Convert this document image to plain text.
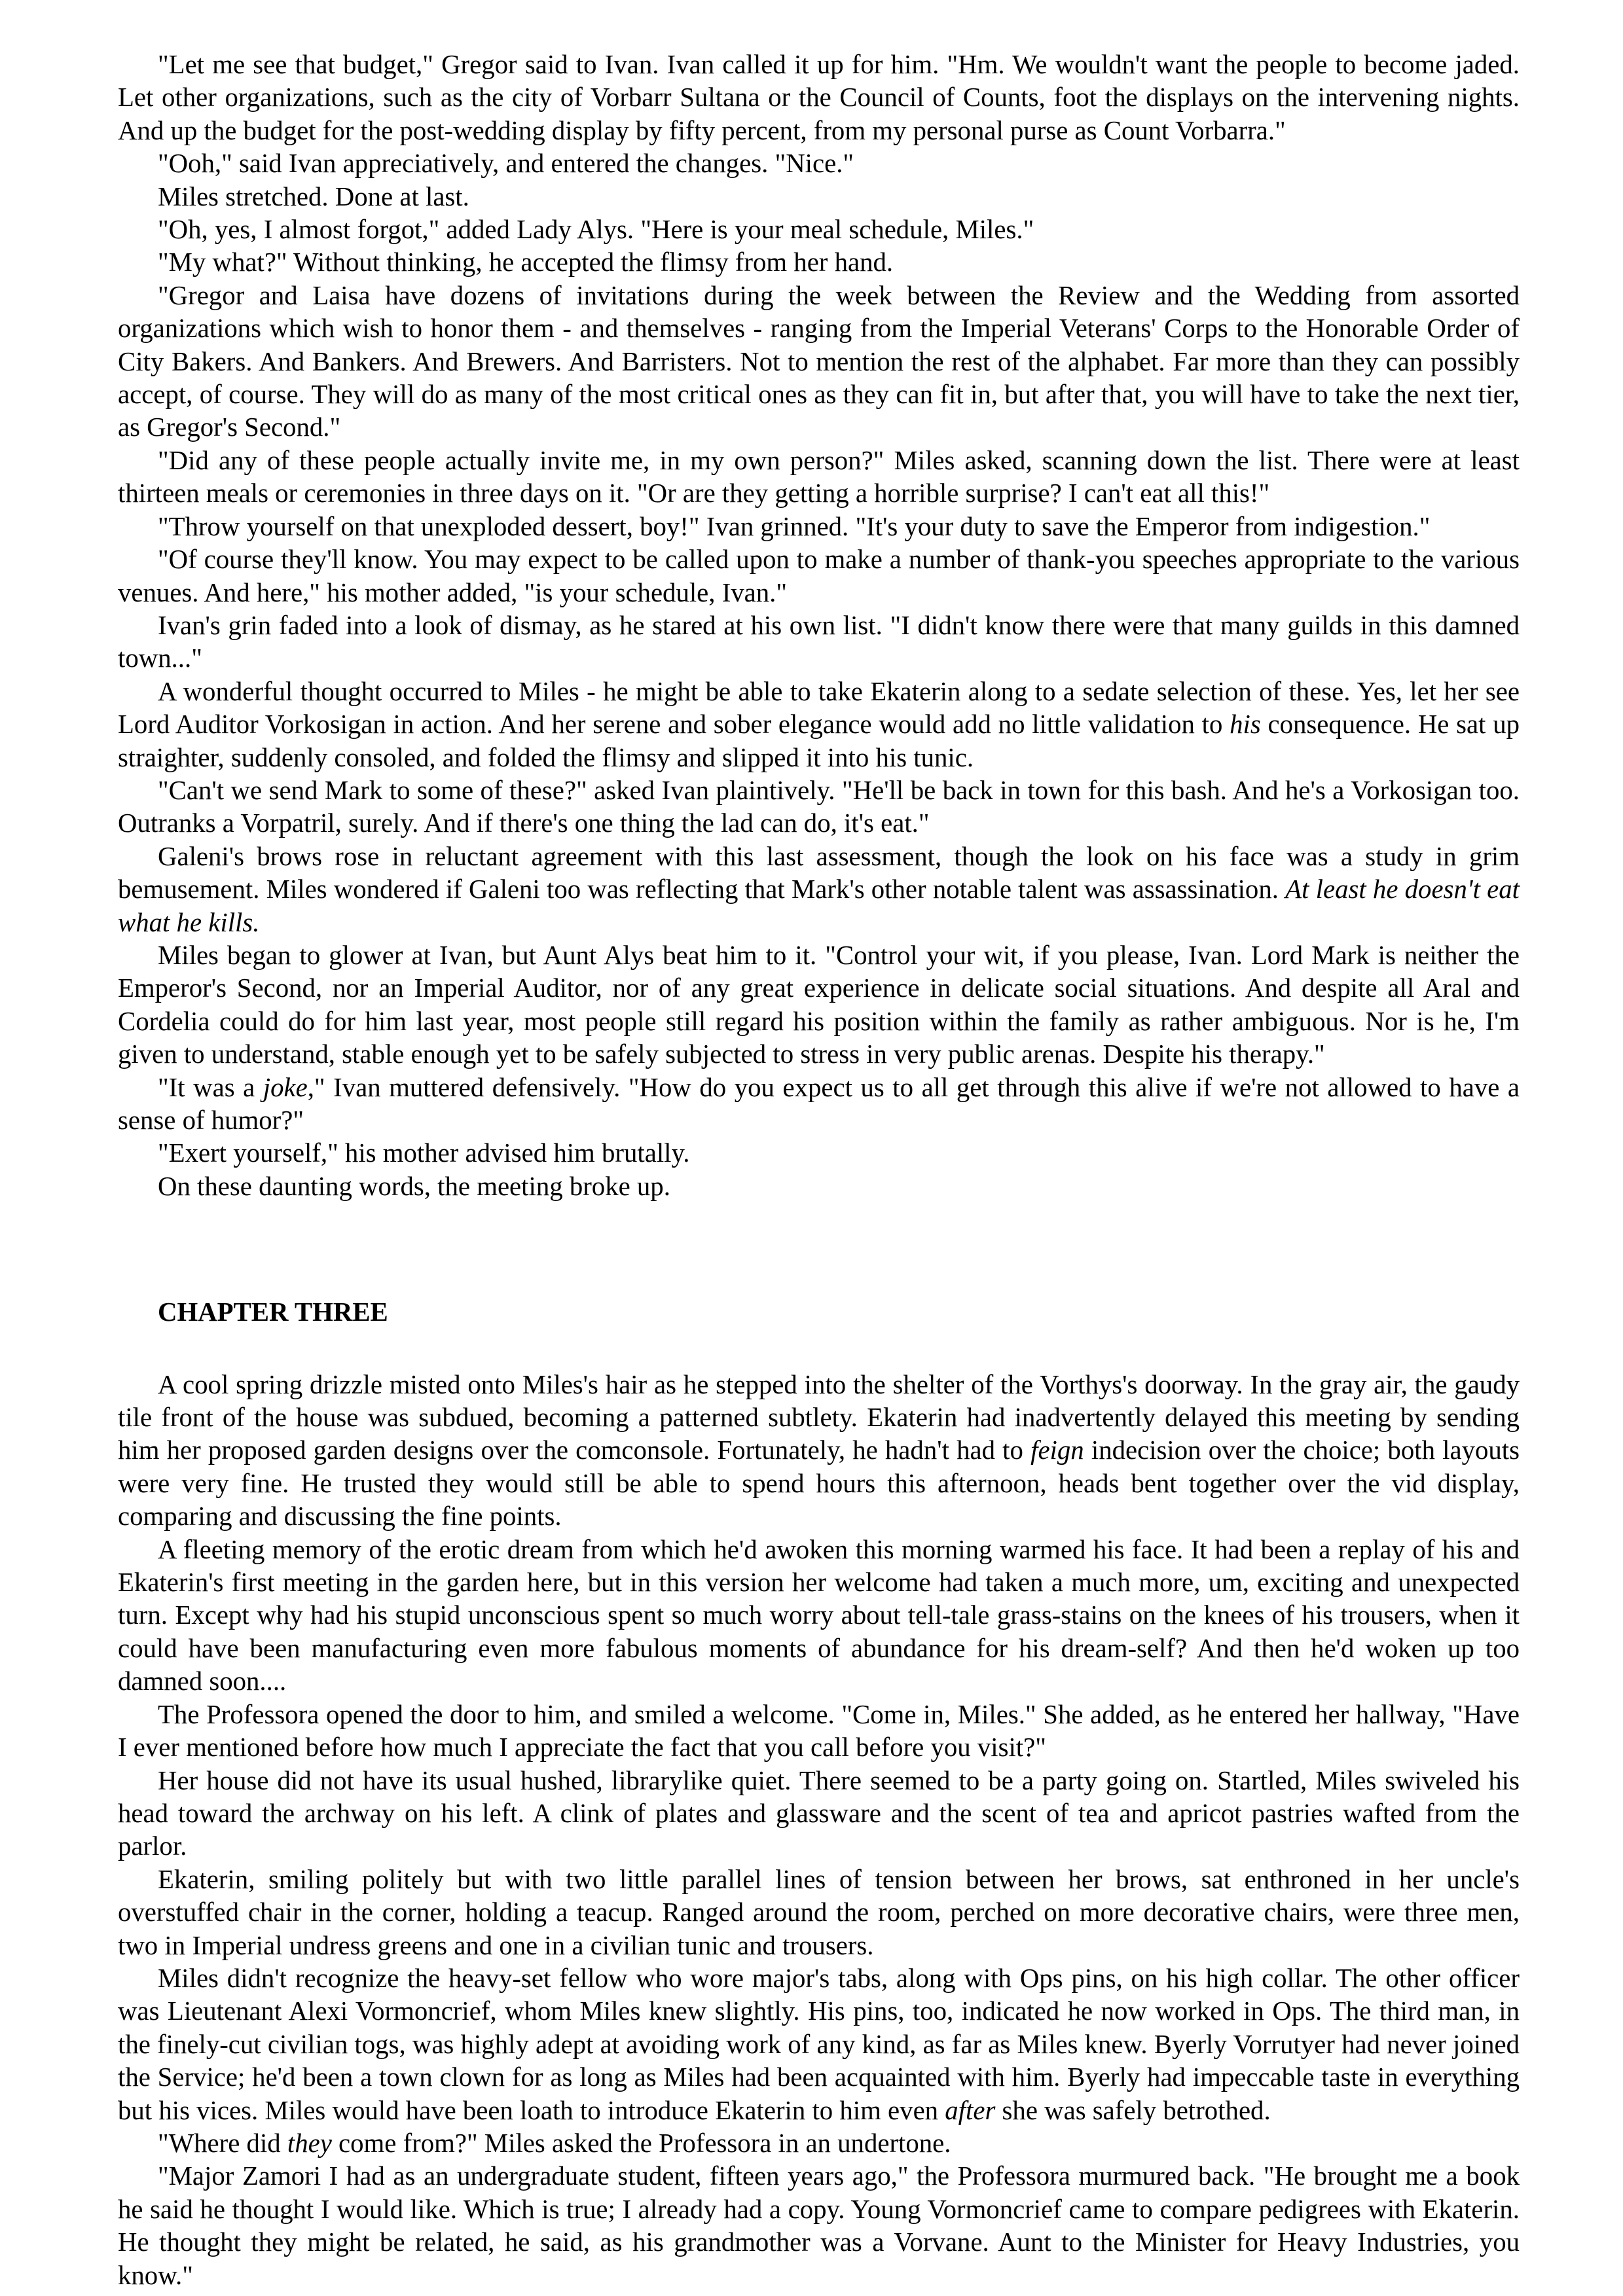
"Let me see that budget," Gregor said to Ivan. Ivan called it up for him. "Hm. We wouldn't want the people to become jaded. Let other organizations, such as the city of Vorbarr Sultana or the Council of Counts, foot the displays on the intervening nights. And up the budget for the post-wedding display by fifty percent, from my personal purse as Count Vorbarra."

"Ooh," said Ivan appreciatively, and entered the changes. "Nice."

Miles stretched. Done at last.

"Oh, yes, I almost forgot," added Lady Alys. "Here is your meal schedule, Miles."

"My what?" Without thinking, he accepted the flimsy from her hand.

"Gregor and Laisa have dozens of invitations during the week between the Review and the Wedding from assorted organizations which wish to honor them - and themselves - ranging from the Imperial Veterans' Corps to the Honorable Order of City Bakers. And Bankers. And Brewers. And Barristers. Not to mention the rest of the alphabet. Far more than they can possibly accept, of course. They will do as many of the most critical ones as they can fit in, but after that, you will have to take the next tier, as Gregor's Second."

"Did any of these people actually invite me, in my own person?" Miles asked, scanning down the list. There were at least thirteen meals or ceremonies in three days on it. "Or are they getting a horrible surprise? I can't eat all this!"

"Throw yourself on that unexploded dessert, boy!" Ivan grinned. "It's your duty to save the Emperor from indigestion."

"Of course they'll know. You may expect to be called upon to make a number of thank-you speeches appropriate to the various venues. And here," his mother added, "is your schedule, Ivan."

Ivan's grin faded into a look of dismay, as he stared at his own list. "I didn't know there were that many guilds in this damned town..."

A wonderful thought occurred to Miles - he might be able to take Ekaterin along to a sedate selection of these. Yes, let her see Lord Auditor Vorkosigan in action. And her serene and sober elegance would add no little validation to his consequence. He sat up straighter, suddenly consoled, and folded the flimsy and slipped it into his tunic.

"Can't we send Mark to some of these?" asked Ivan plaintively. "He'll be back in town for this bash. And he's a Vorkosigan too. Outranks a Vorpatril, surely. And if there's one thing the lad can do, it's eat."

Galeni's brows rose in reluctant agreement with this last assessment, though the look on his face was a study in grim bemusement. Miles wondered if Galeni too was reflecting that Mark's other notable talent was assassination. At least he doesn't eat what he kills.

Miles began to glower at Ivan, but Aunt Alys beat him to it. "Control your wit, if you please, Ivan. Lord Mark is neither the Emperor's Second, nor an Imperial Auditor, nor of any great experience in delicate social situations. And despite all Aral and Cordelia could do for him last year, most people still regard his position within the family as rather ambiguous. Nor is he, I'm given to understand, stable enough yet to be safely subjected to stress in very public arenas. Despite his therapy."

"It was a joke," Ivan muttered defensively. "How do you expect us to all get through this alive if we're not allowed to have a sense of humor?"

"Exert yourself," his mother advised him brutally.

On these daunting words, the meeting broke up.

CHAPTER THREE

A cool spring drizzle misted onto Miles's hair as he stepped into the shelter of the Vorthys's doorway. In the gray air, the gaudy tile front of the house was subdued, becoming a patterned subtlety. Ekaterin had inadvertently delayed this meeting by sending him her proposed garden designs over the comconsole. Fortunately, he hadn't had to feign indecision over the choice; both layouts were very fine. He trusted they would still be able to spend hours this afternoon, heads bent together over the vid display, comparing and discussing the fine points.

A fleeting memory of the erotic dream from which he'd awoken this morning warmed his face. It had been a replay of his and Ekaterin's first meeting in the garden here, but in this version her welcome had taken a much more, um, exciting and unexpected turn. Except why had his stupid unconscious spent so much worry about tell-tale grass-stains on the knees of his trousers, when it could have been manufacturing even more fabulous moments of abundance for his dream-self? And then he'd woken up too damned soon....

The Professora opened the door to him, and smiled a welcome. "Come in, Miles." She added, as he entered her hallway, "Have I ever mentioned before how much I appreciate the fact that you call before you visit?"

Her house did not have its usual hushed, librarylike quiet. There seemed to be a party going on. Startled, Miles swiveled his head toward the archway on his left. A clink of plates and glassware and the scent of tea and apricot pastries wafted from the parlor.

Ekaterin, smiling politely but with two little parallel lines of tension between her brows, sat enthroned in her uncle's overstuffed chair in the corner, holding a teacup. Ranged around the room, perched on more decorative chairs, were three men, two in Imperial undress greens and one in a civilian tunic and trousers.

Miles didn't recognize the heavy-set fellow who wore major's tabs, along with Ops pins, on his high collar. The other officer was Lieutenant Alexi Vormoncrief, whom Miles knew slightly. His pins, too, indicated he now worked in Ops. The third man, in the finely-cut civilian togs, was highly adept at avoiding work of any kind, as far as Miles knew. Byerly Vorrutyer had never joined the Service; he'd been a town clown for as long as Miles had been acquainted with him. Byerly had impeccable taste in everything but his vices. Miles would have been loath to introduce Ekaterin to him even after she was safely betrothed.

"Where did they come from?" Miles asked the Professora in an undertone.

"Major Zamori I had as an undergraduate student, fifteen years ago," the Professora murmured back. "He brought me a book he said he thought I would like. Which is true; I already had a copy. Young Vormoncrief came to compare pedigrees with Ekaterin. He thought they might be related, he said, as his grandmother was a Vorvane. Aunt to the Minister for Heavy Industries, you know."
